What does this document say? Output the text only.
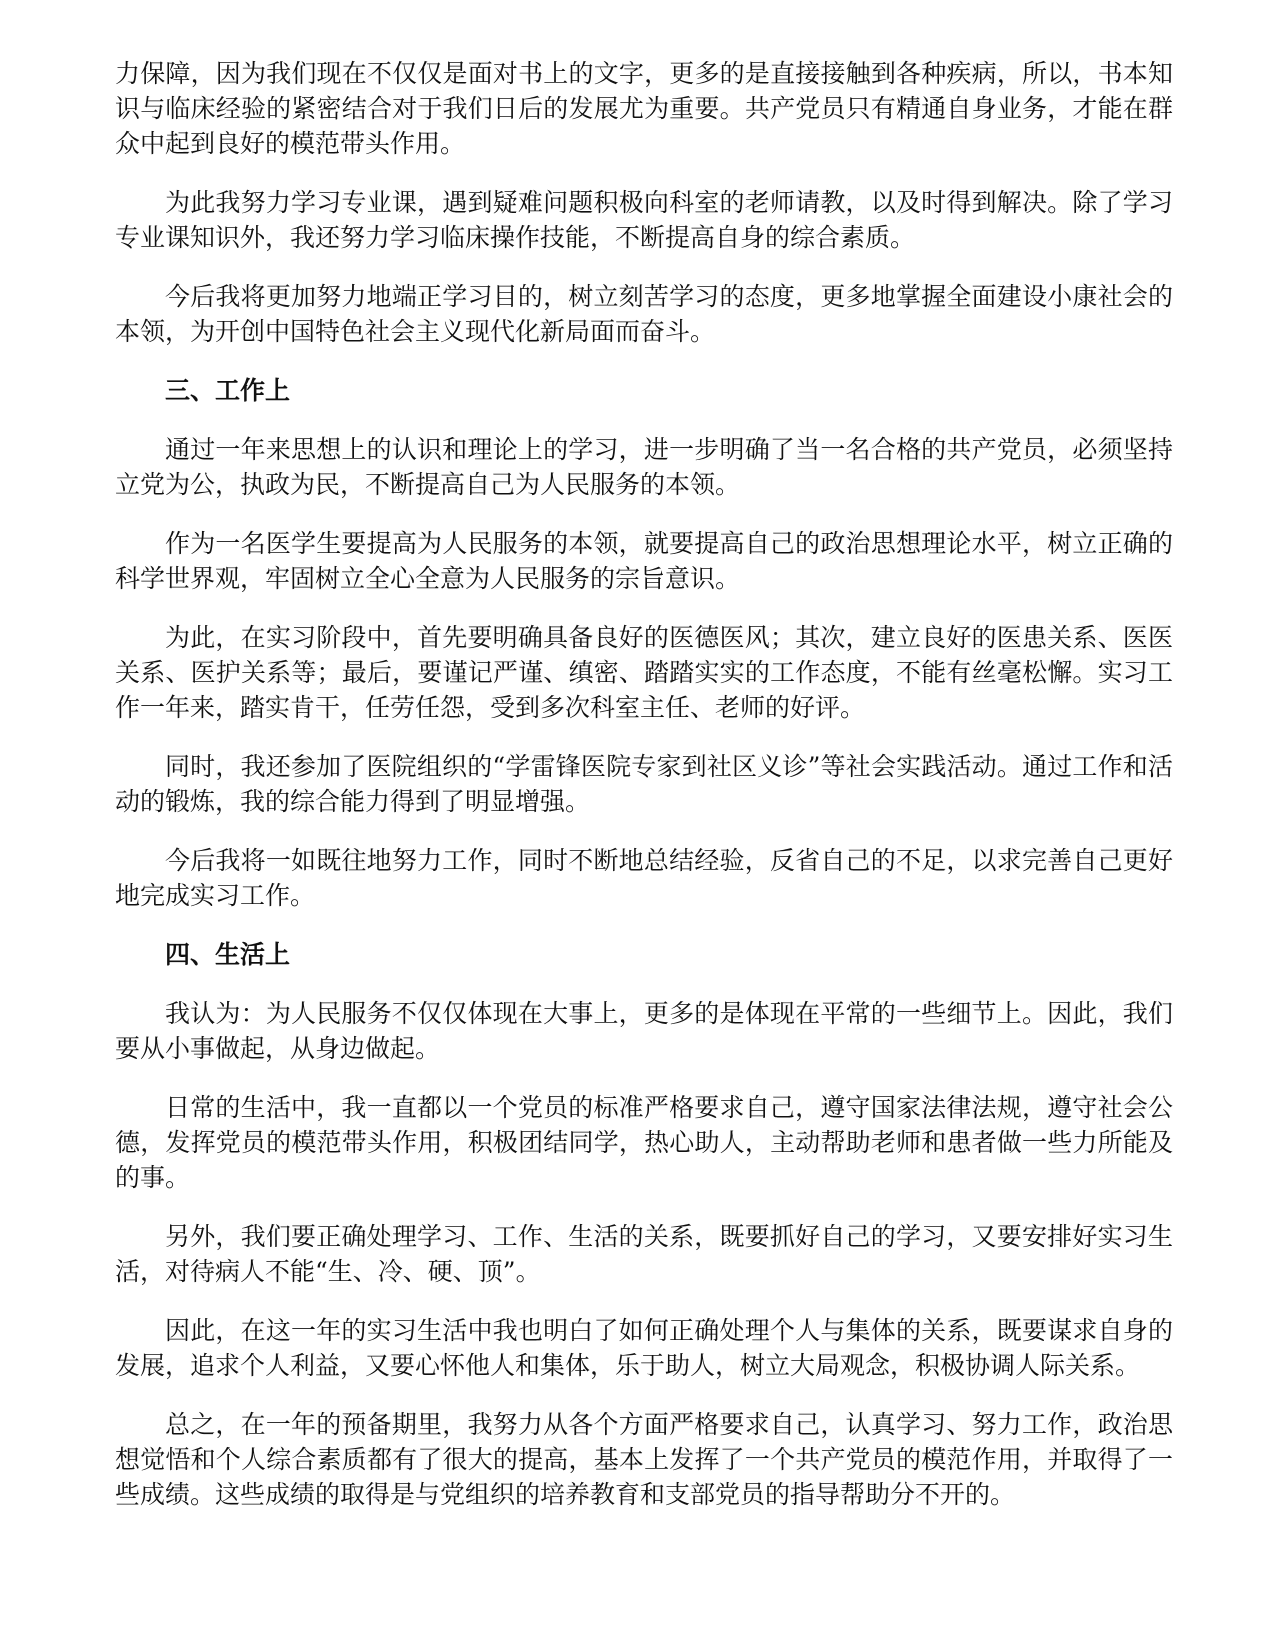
力保障，因为我们现在不仅仅是面对书上的文字，更多的是直接接触到各种疾病，所以，书本知识与临床经验的紧密结合对于我们日后的发展尤为重要。共产党员只有精通自身业务，才能在群众中起到良好的模范带头作用。

为此我努力学习专业课，遇到疑难问题积极向科室的老师请教，以及时得到解决。除了学习专业课知识外，我还努力学习临床操作技能，不断提高自身的综合素质。

今后我将更加努力地端正学习目的，树立刻苦学习的态度，更多地掌握全面建设小康社会的本领，为开创中国特色社会主义现代化新局面而奋斗。

三、工作上

通过一年来思想上的认识和理论上的学习，进一步明确了当一名合格的共产党员，必须坚持立党为公，执政为民，不断提高自己为人民服务的本领。

作为一名医学生要提高为人民服务的本领，就要提高自己的政治思想理论水平，树立正确的科学世界观，牢固树立全心全意为人民服务的宗旨意识。

为此，在实习阶段中，首先要明确具备良好的医德医风；其次，建立良好的医患关系、医医关系、医护关系等；最后，要谨记严谨、缜密、踏踏实实的工作态度，不能有丝毫松懈。实习工作一年来，踏实肯干，任劳任怨，受到多次科室主任、老师的好评。

同时，我还参加了医院组织的“学雷锋医院专家到社区义诊”等社会实践活动。通过工作和活动的锻炼，我的综合能力得到了明显增强。

今后我将一如既往地努力工作，同时不断地总结经验，反省自己的不足，以求完善自己更好地完成实习工作。

四、生活上

我认为：为人民服务不仅仅体现在大事上，更多的是体现在平常的一些细节上。因此，我们要从小事做起，从身边做起。

日常的生活中，我一直都以一个党员的标准严格要求自己，遵守国家法律法规，遵守社会公德，发挥党员的模范带头作用，积极团结同学，热心助人，主动帮助老师和患者做一些力所能及的事。

另外，我们要正确处理学习、工作、生活的关系，既要抓好自己的学习，又要安排好实习生活，对待病人不能“生、冷、硬、顶”。

因此，在这一年的实习生活中我也明白了如何正确处理个人与集体的关系，既要谋求自身的发展，追求个人利益，又要心怀他人和集体，乐于助人，树立大局观念，积极协调人际关系。

总之，在一年的预备期里，我努力从各个方面严格要求自己，认真学习、努力工作，政治思想觉悟和个人综合素质都有了很大的提高，基本上发挥了一个共产党员的模范作用，并取得了一些成绩。这些成绩的取得是与党组织的培养教育和支部党员的指导帮助分不开的。
